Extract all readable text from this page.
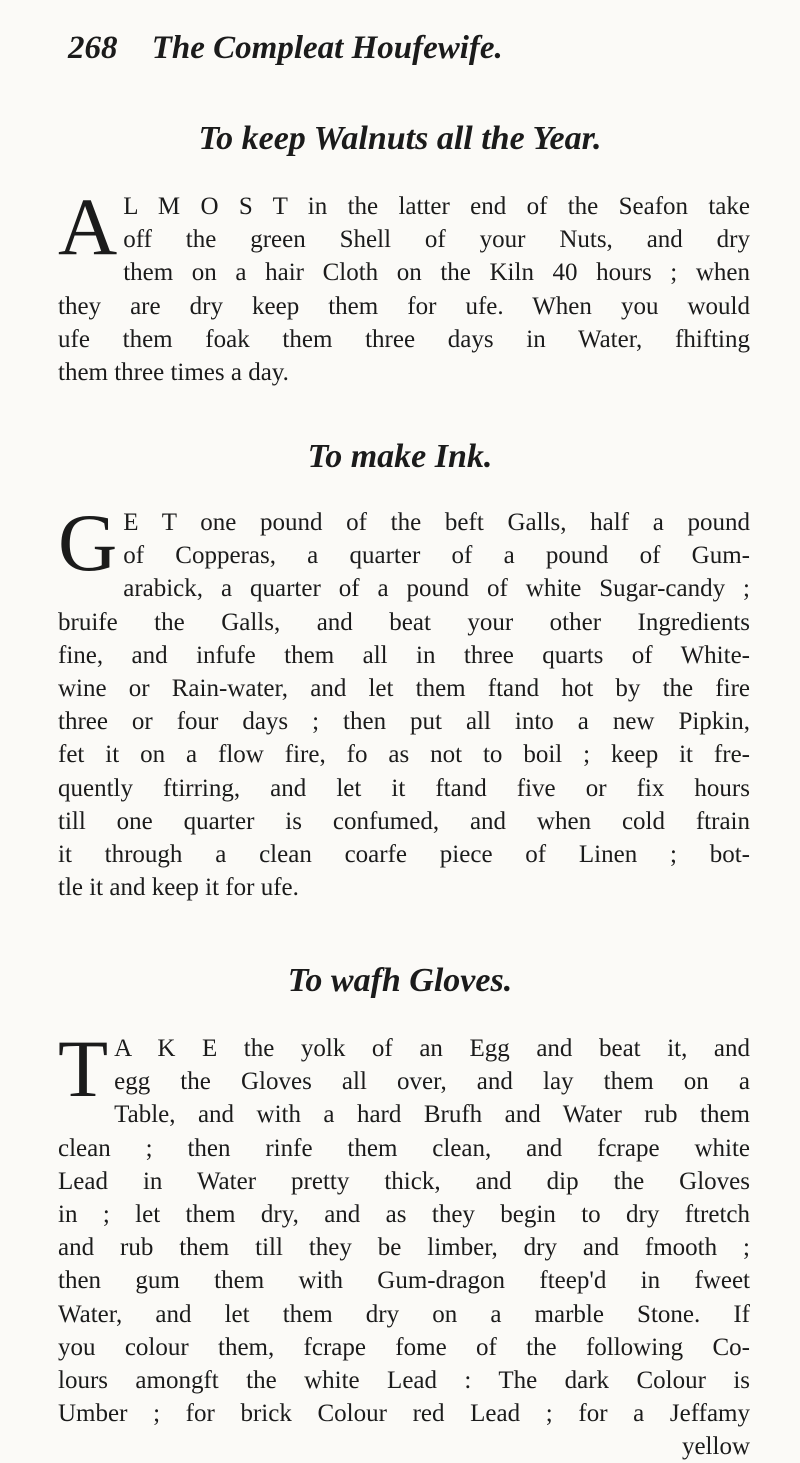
268 The Compleat Houfewife.
To keep Walnuts all the Year.
A L M O S T in the latter end of the Seafon take
off the green Shell of your Nuts, and dry
them on a hair Cloth on the Kiln 40 hours ; when
they are dry keep them for ufe. When you would
ufe them foak them three days in Water, fhifting
them three times a day.
To make Ink.
G E T one pound of the beft Galls, half a pound
of Copperas, a quarter of a pound of Gum-
arabick, a quarter of a pound of white Sugar-candy ;
bruife the Galls, and beat your other Ingredients
fine, and infufe them all in three quarts of White-
wine or Rain-water, and let them ftand hot by the fire
three or four days ; then put all into a new Pipkin,
fet it on a flow fire, fo as not to boil ; keep it fre-
quently ftirring, and let it ftand five or fix hours
till one quarter is confumed, and when cold ftrain
it through a clean coarfe piece of Linen ; bot-
tle it and keep it for ufe.
To wafh Gloves.
T A K E the yolk of an Egg and beat it, and
egg the Gloves all over, and lay them on a
Table, and with a hard Brufh and Water rub them
clean ; then rinfe them clean, and fcrape white
Lead in Water pretty thick, and dip the Gloves
in ; let them dry, and as they begin to dry ftretch
and rub them till they be limber, dry and fmooth ;
then gum them with Gum-dragon fteep'd in fweet
Water, and let them dry on a marble Stone. If
you colour them, fcrape fome of the following Co-
lours amongft the white Lead : The dark Colour is
Umber ; for brick Colour red Lead ; for a Jeffamy
yellow
